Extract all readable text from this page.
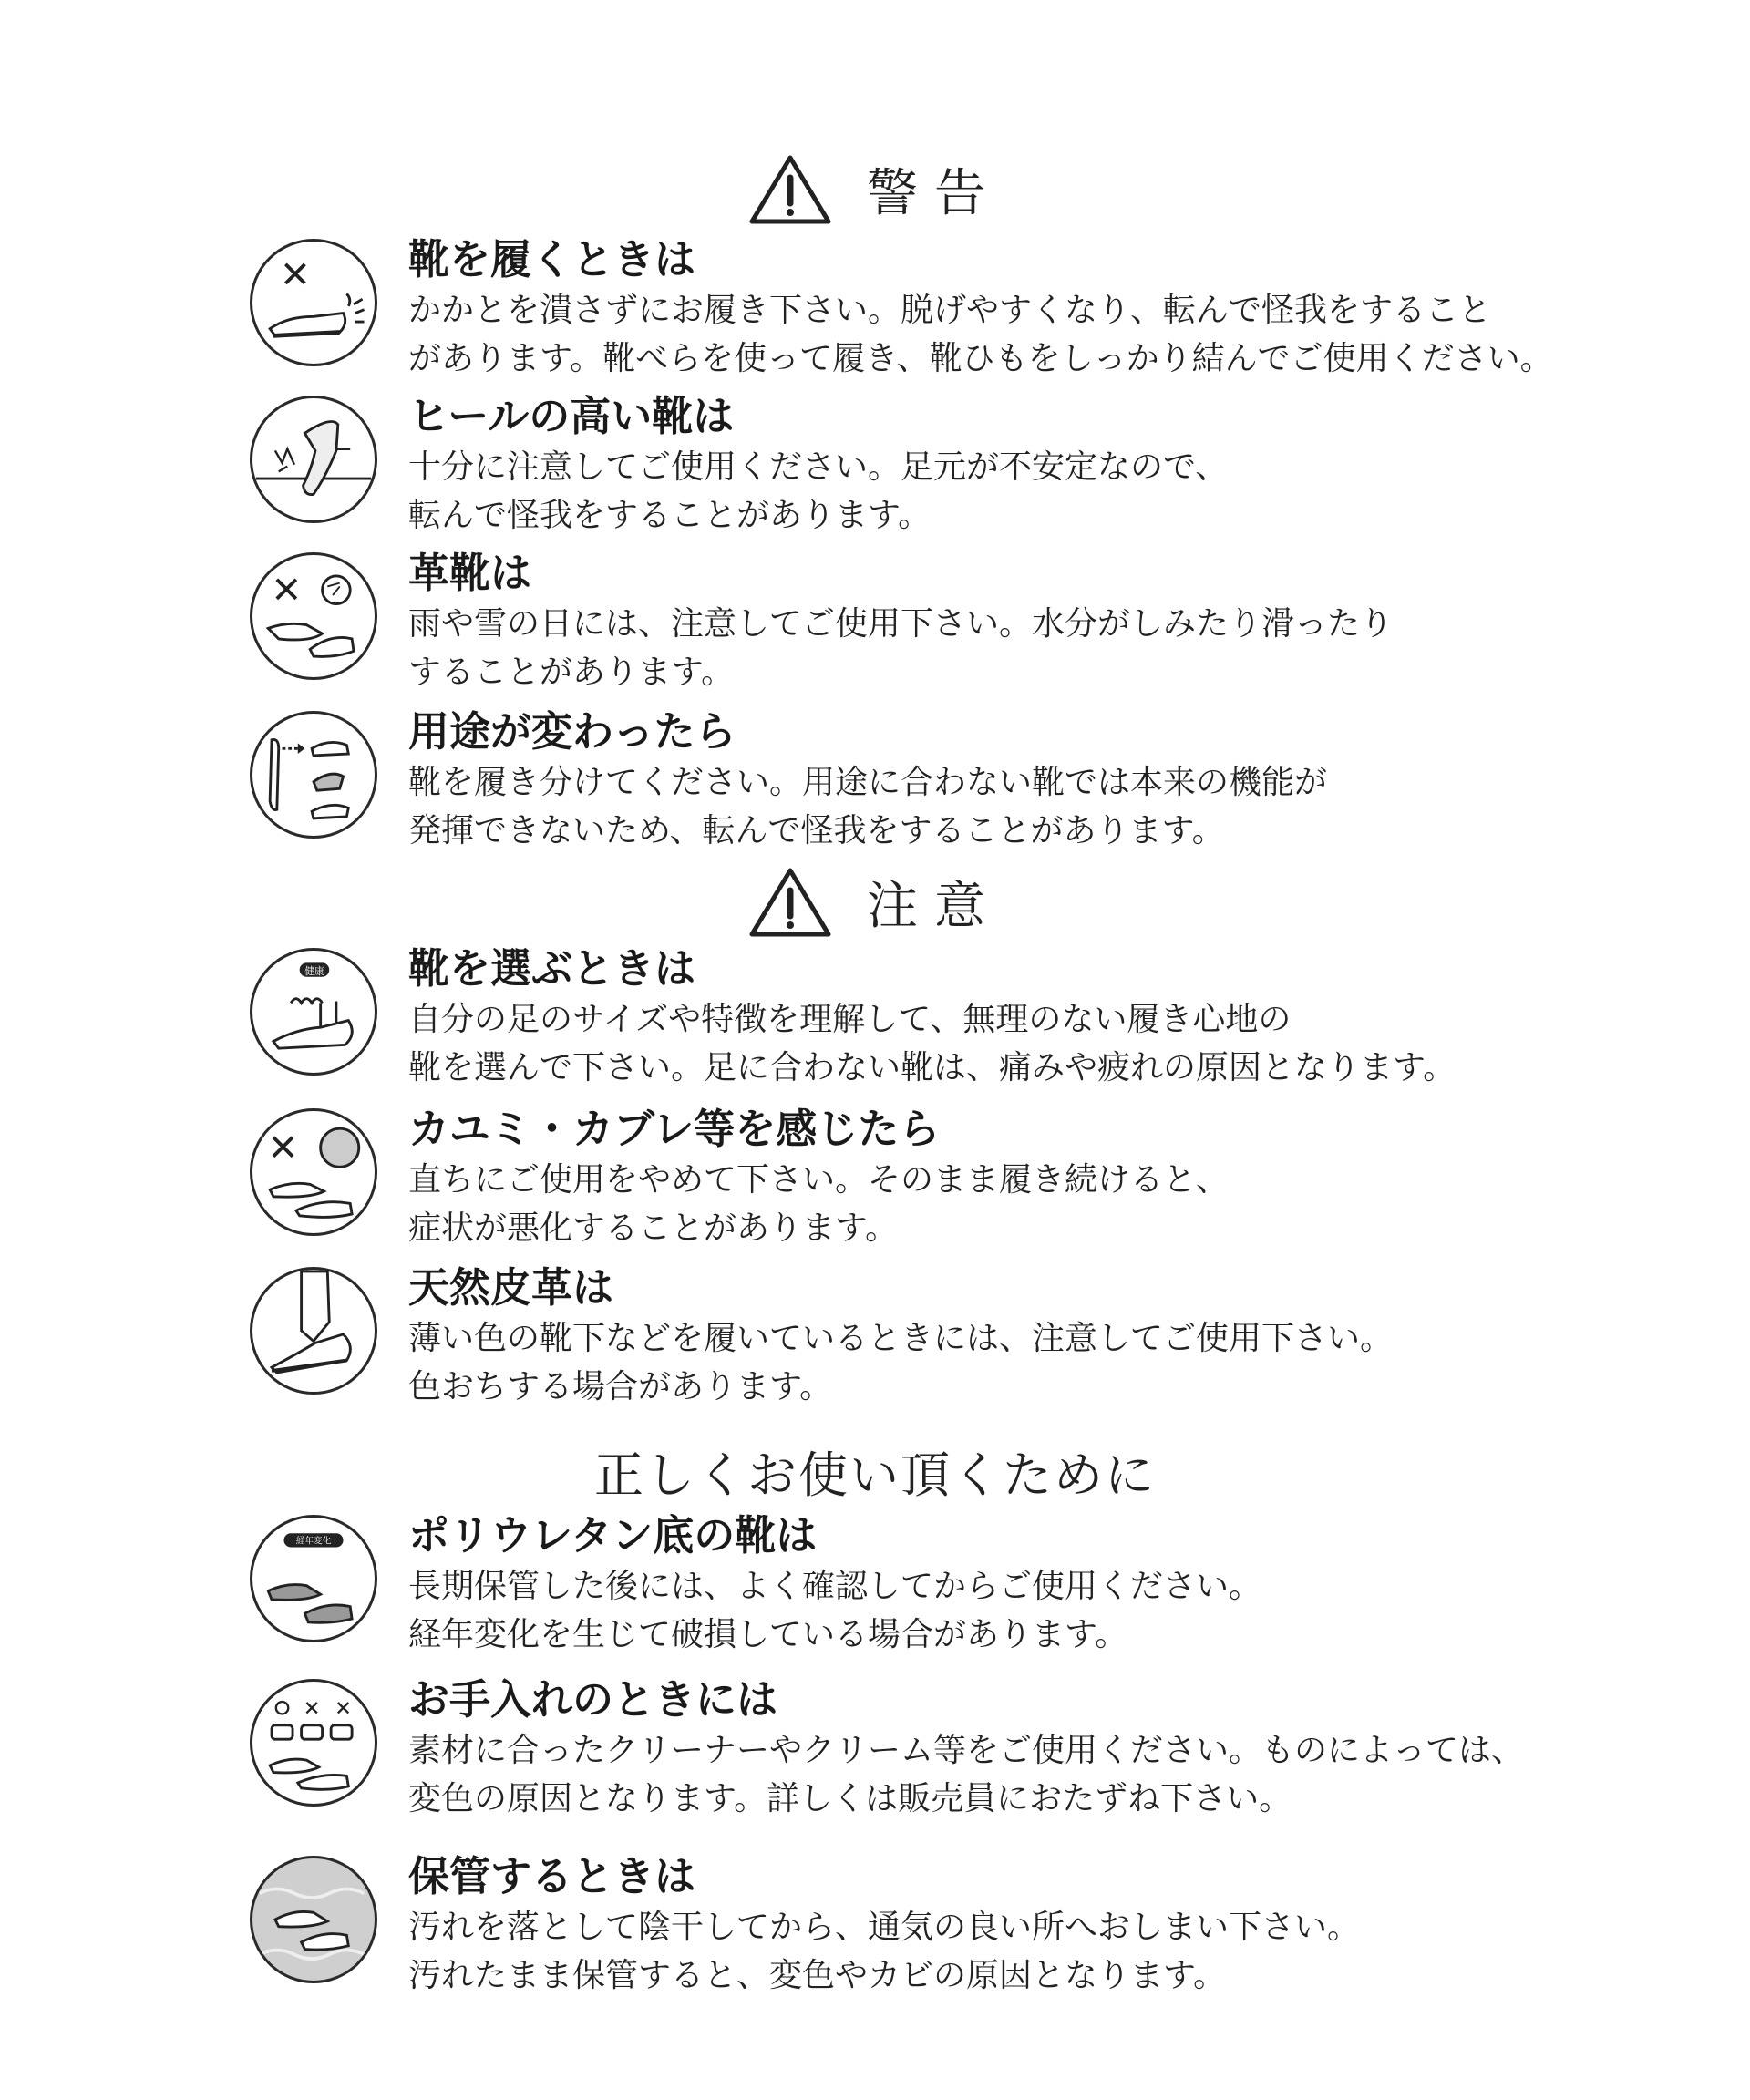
警告
靴を履くときは
かかとを潰さずにお履き下さい。脱げやすくなり、転んで怪我をすること
があります。靴べらを使って履き、靴ひもをしっかり結んでご使用ください。
ヒールの高い靴は
十分に注意してご使用ください。足元が不安定なので、
転んで怪我をすることがあります。
革靴は
雨や雪の日には、注意してご使用下さい。水分がしみたり滑ったり
することがあります。
用途が変わったら
靴を履き分けてください。用途に合わない靴では本来の機能が
発揮できないため、転んで怪我をすることがあります。
注意
健康 靴を選ぶときは
自分の足のサイズや特徴を理解して、無理のない履き心地の
靴を選んで下さい。足に合わない靴は、痛みや疲れの原因となります。
カユミ・カブレ等を感じたら
直ちにご使用をやめて下さい。そのまま履き続けると、
症状が悪化することがあります。
天然皮革は
薄い色の靴下などを履いているときには、注意してご使用下さい。
色おちする場合があります。
正しくお使い頂くために
経年変化 ポリウレタン底の靴は
長期保管した後には、よく確認してからご使用ください。
経年変化を生じて破損している場合があります。
お手入れのときには
素材に合ったクリーナーやクリーム等をご使用ください。ものによっては、
変色の原因となります。詳しくは販売員におたずね下さい。
保管するときは
汚れを落として陰干してから、通気の良い所へおしまい下さい。
汚れたまま保管すると、変色やカビの原因となります。
